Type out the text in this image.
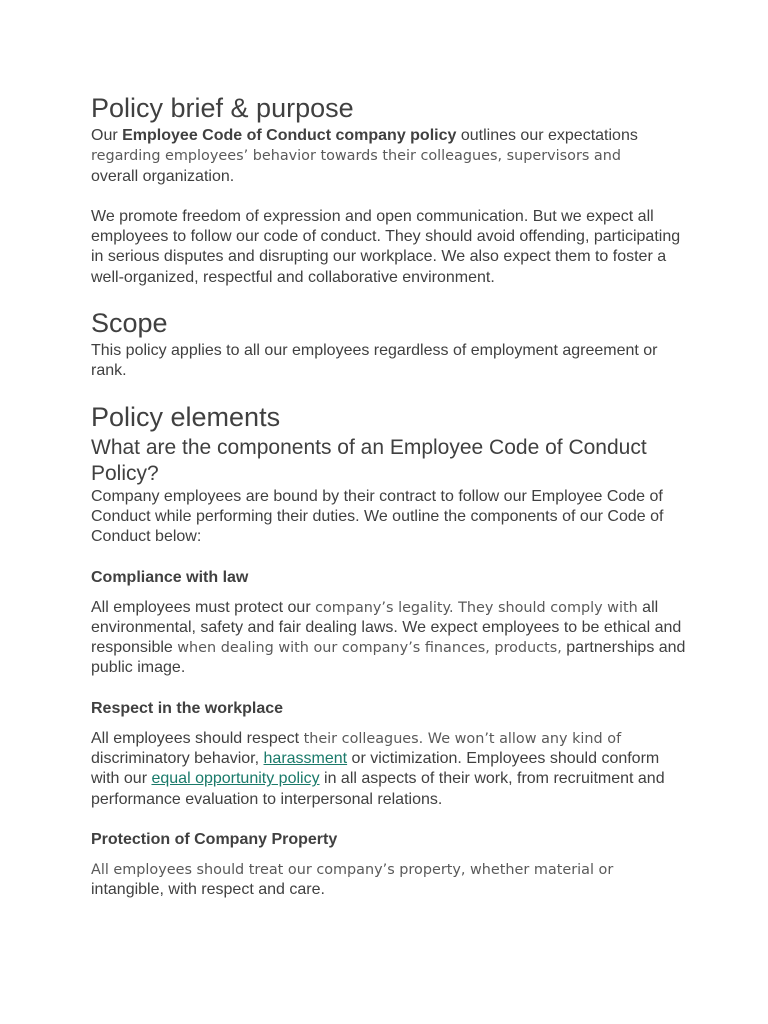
Policy brief & purpose

Our Employee Code of Conduct company policy outlines our expectations
regarding employees’ behavior towards their colleagues, supervisors and
overall organization.

We promote freedom of expression and open communication. But we expect all employees to follow our code of conduct. They should avoid offending, participating in serious disputes and disrupting our workplace. We also expect them to foster a well-organized, respectful and collaborative environment.

Scope

This policy applies to all our employees regardless of employment agreement or rank.

Policy elements
What are the components of an Employee Code of Conduct Policy?

Company employees are bound by their contract to follow our Employee Code of Conduct while performing their duties. We outline the components of our Code of Conduct below:

Compliance with law

All employees must protect our company’s legality. They should comply with all environmental, safety and fair dealing laws. We expect employees to be ethical and responsible when dealing with our company’s finances, products, partnerships and public image.

Respect in the workplace

All employees should respect their colleagues. We won’t allow any kind of discriminatory behavior, harassment or victimization. Employees should conform with our equal opportunity policy in all aspects of their work, from recruitment and performance evaluation to interpersonal relations.

Protection of Company Property

All employees should treat our company’s property, whether material or
intangible, with respect and care.
